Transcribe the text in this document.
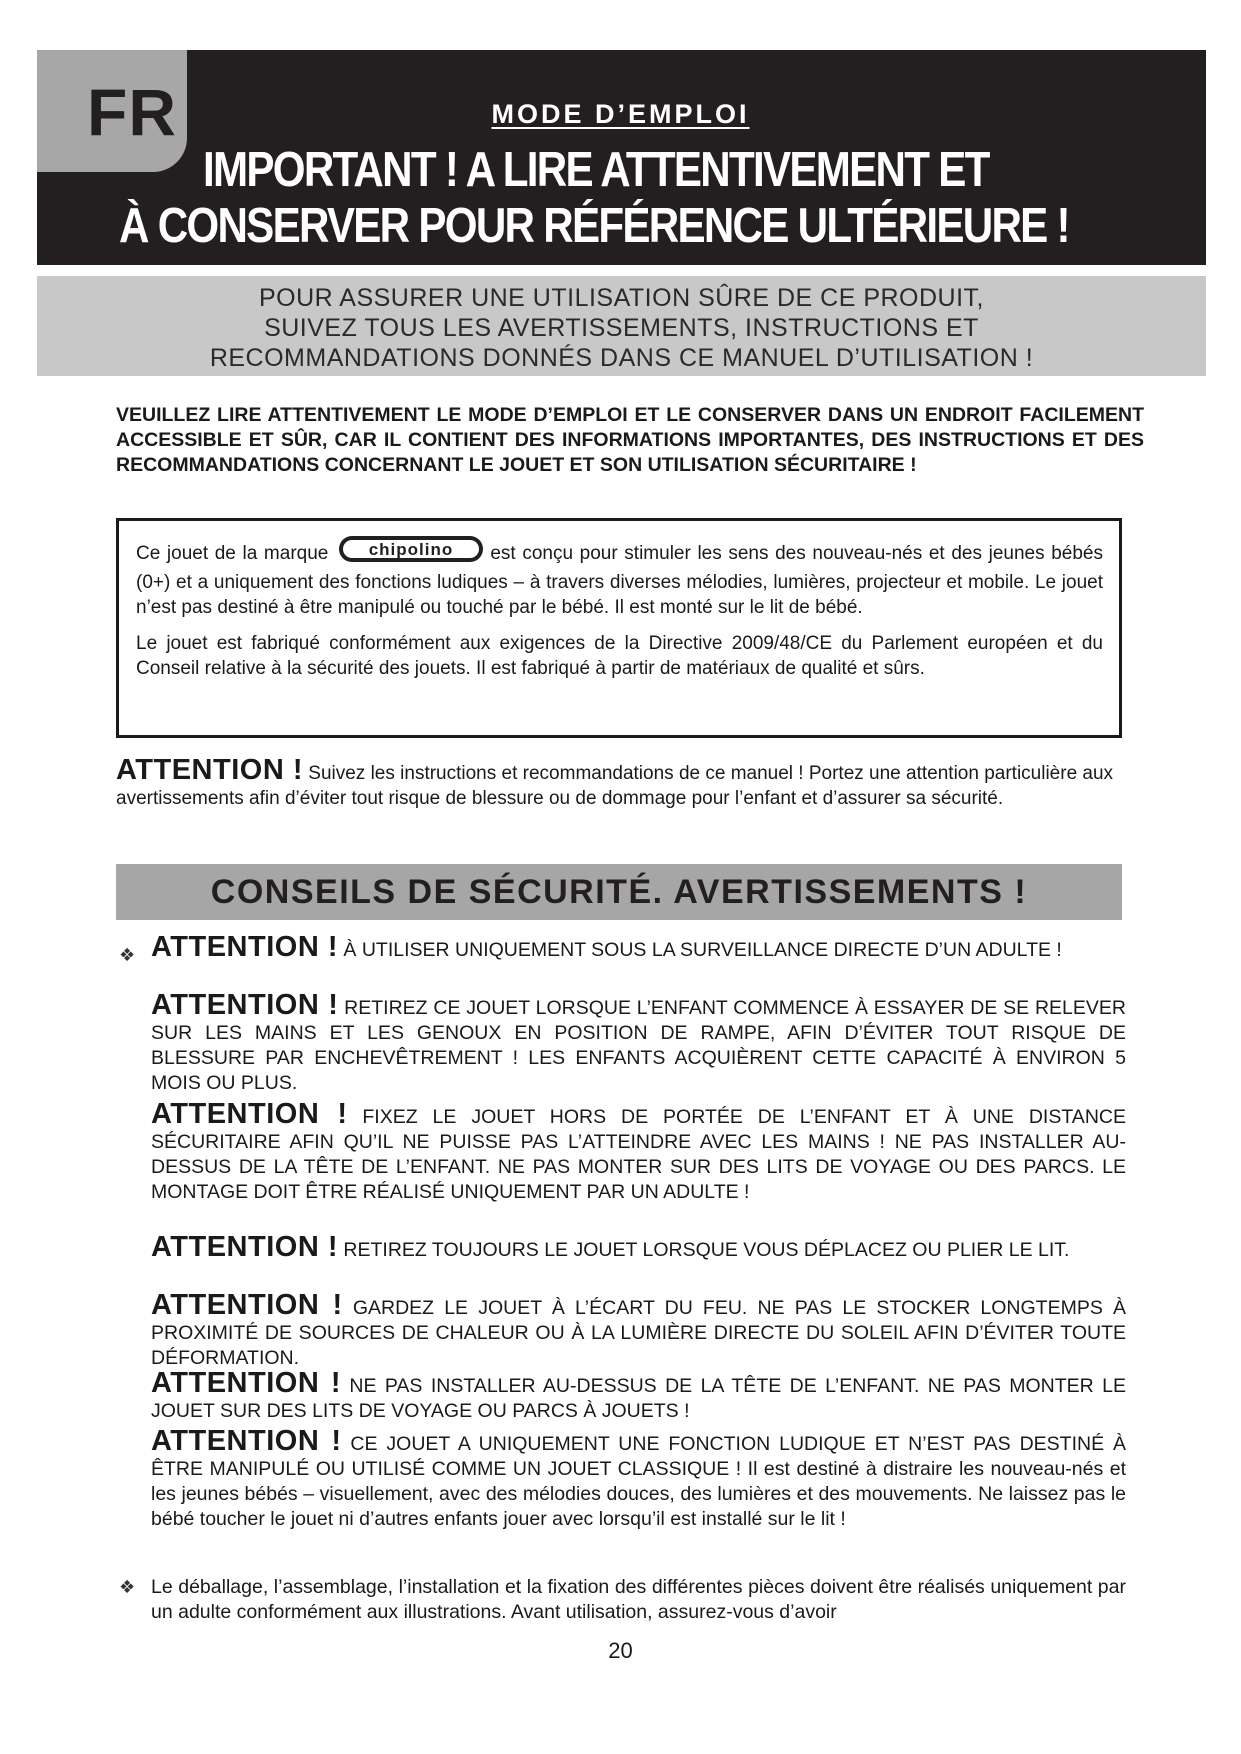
FR	MODE D’EMPLOI
IMPORTANT ! A LIRE ATTENTIVEMENT ET
À CONSERVER POUR RÉFÉRENCE ULTÉRIEURE !
POUR ASSURER UNE UTILISATION SÛRE DE CE PRODUIT,
SUIVEZ TOUS LES AVERTISSEMENTS, INSTRUCTIONS ET
RECOMMANDATIONS DONNÉS DANS CE MANUEL D’UTILISATION !
VEUILLEZ LIRE ATTENTIVEMENT LE MODE D’EMPLOI ET LE CONSERVER DANS UN ENDROIT FACILEMENT ACCESSIBLE ET SÛR, CAR IL CONTIENT DES INFORMATIONS IMPORTANTES, DES INSTRUCTIONS ET DES RECOMMANDATIONS CONCERNANT LE JOUET ET SON UTILISATION SÉCURITAIRE !

Ce jouet de la marque chipolino est conçu pour stimuler les sens des nouveau-nés et des jeunes bébés (0+) et a uniquement des fonctions ludiques – à travers diverses mélodies, lumières, projecteur et mobile. Le jouet n’est pas destiné à être manipulé ou touché par le bébé. Il est monté sur le lit de bébé.

Le jouet est fabriqué conformément aux exigences de la Directive 2009/48/CE du Parlement européen et du Conseil relative à la sécurité des jouets. Il est fabriqué à partir de matériaux de qualité et sûrs.

ATTENTION ! Suivez les instructions et recommandations de ce manuel ! Portez une attention particulière aux avertissements afin d’éviter tout risque de blessure ou de dommage pour l’enfant et d’assurer sa sécurité.
CONSEILS DE SÉCURITÉ. AVERTISSEMENTS !
❖ ATTENTION ! À UTILISER UNIQUEMENT SOUS LA SURVEILLANCE DIRECTE D’UN ADULTE !
ATTENTION ! RETIREZ CE JOUET LORSQUE L’ENFANT COMMENCE À ESSAYER DE SE RELEVER SUR LES MAINS ET LES GENOUX EN POSITION DE RAMPE, AFIN D’ÉVITER TOUT RISQUE DE BLESSURE PAR ENCHEVÊTREMENT ! LES ENFANTS ACQUIÈRENT CETTE CAPACITÉ À ENVIRON 5 MOIS OU PLUS.
ATTENTION ! FIXEZ LE JOUET HORS DE PORTÉE DE L’ENFANT ET À UNE DISTANCE SÉCURITAIRE AFIN QU’IL NE PUISSE PAS L’ATTEINDRE AVEC LES MAINS ! NE PAS INSTALLER AU-DESSUS DE LA TÊTE DE L’ENFANT. NE PAS MONTER SUR DES LITS DE VOYAGE OU DES PARCS. LE MONTAGE DOIT ÊTRE RÉALISÉ UNIQUEMENT PAR UN ADULTE !
ATTENTION ! RETIREZ TOUJOURS LE JOUET LORSQUE VOUS DÉPLACEZ OU PLIER LE LIT.
ATTENTION ! GARDEZ LE JOUET À L’ÉCART DU FEU. NE PAS LE STOCKER LONGTEMPS À PROXIMITÉ DE SOURCES DE CHALEUR OU À LA LUMIÈRE DIRECTE DU SOLEIL AFIN D’ÉVITER TOUTE DÉFORMATION.
ATTENTION ! NE PAS INSTALLER AU-DESSUS DE LA TÊTE DE L’ENFANT. NE PAS MONTER LE JOUET SUR DES LITS DE VOYAGE OU PARCS À JOUETS !
ATTENTION ! CE JOUET A UNIQUEMENT UNE FONCTION LUDIQUE ET N’EST PAS DESTINÉ À ÊTRE MANIPULÉ OU UTILISÉ COMME UN JOUET CLASSIQUE ! Il est destiné à distraire les nouveau-nés et les jeunes bébés – visuellement, avec des mélodies douces, des lumières et des mouvements. Ne laissez pas le bébé toucher le jouet ni d’autres enfants jouer avec lorsqu’il est installé sur le lit !
❖ Le déballage, l’assemblage, l’installation et la fixation des différentes pièces doivent être réalisés uniquement par un adulte conformément aux illustrations. Avant utilisation, assurez-vous d’avoir
20
